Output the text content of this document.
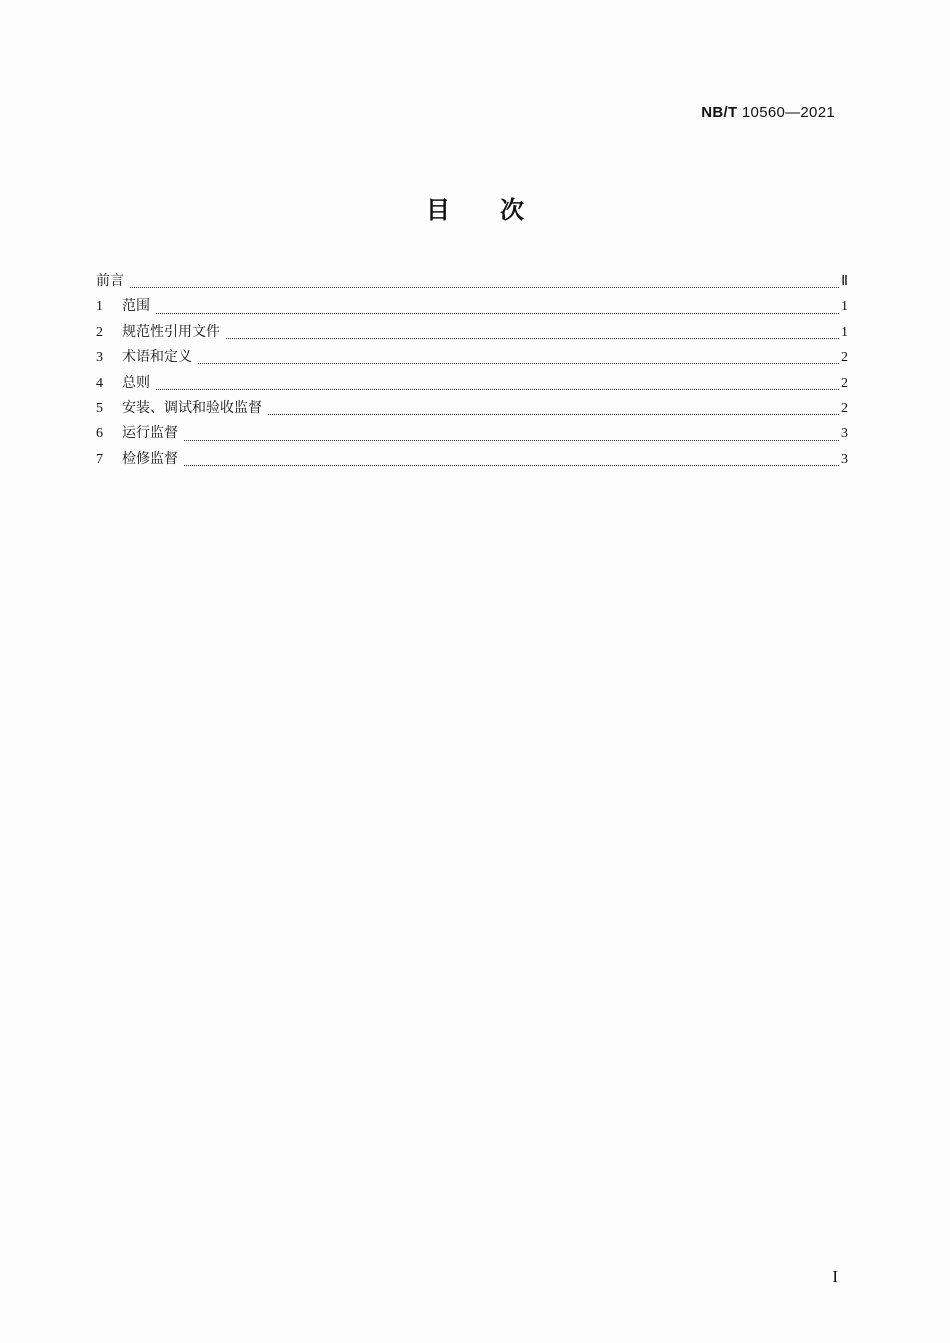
NB/T 10560—2021
目 次
前言	Ⅱ
1	范围	1
2	规范性引用文件	1
3	术语和定义	2
4	总则	2
5	安装、调试和验收监督	2
6	运行监督	3
7	检修监督	3
I
